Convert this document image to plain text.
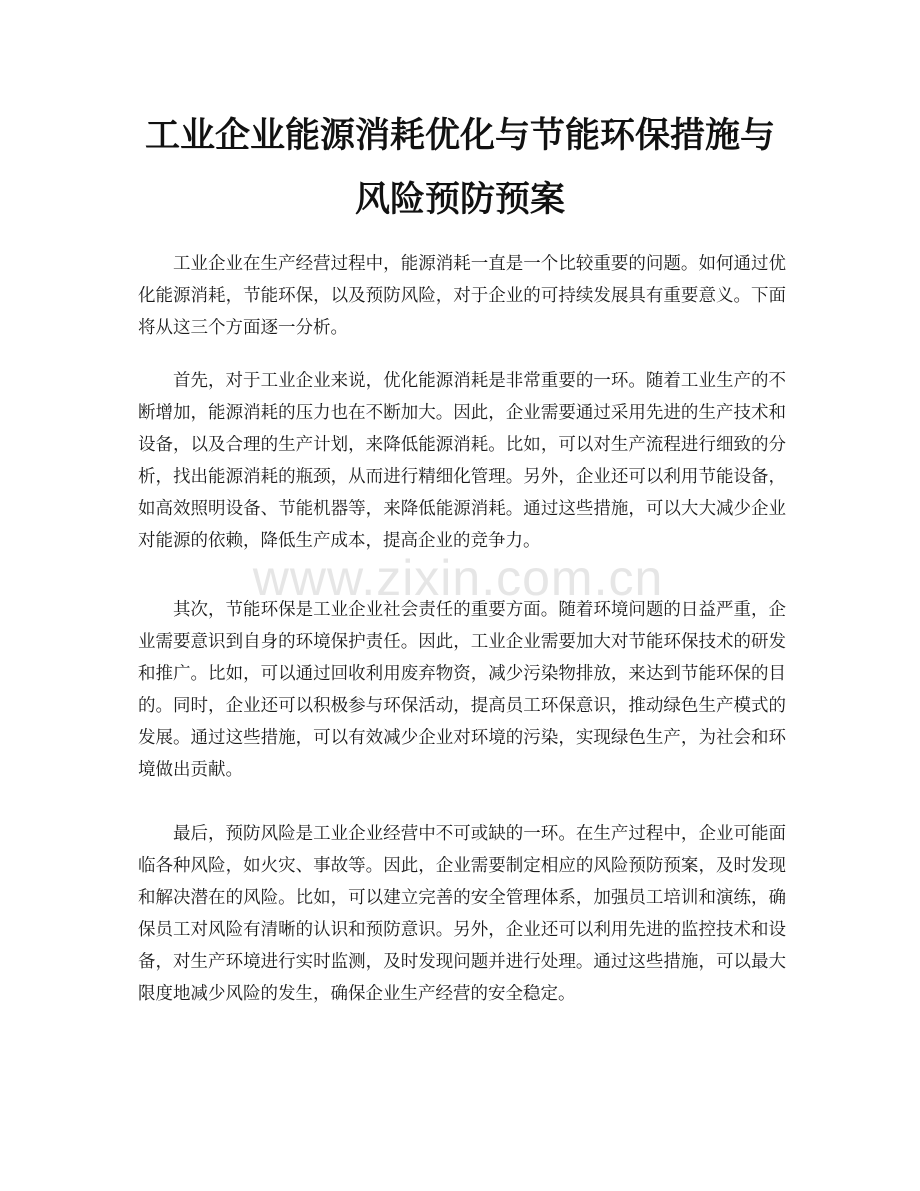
工业企业能源消耗优化与节能环保措施与风险预防预案

工业企业在生产经营过程中，能源消耗一直是一个比较重要的问题。如何通过优化能源消耗，节能环保，以及预防风险，对于企业的可持续发展具有重要意义。下面将从这三个方面逐一分析。

首先，对于工业企业来说，优化能源消耗是非常重要的一环。随着工业生产的不断增加，能源消耗的压力也在不断加大。因此，企业需要通过采用先进的生产技术和设备，以及合理的生产计划，来降低能源消耗。比如，可以对生产流程进行细致的分析，找出能源消耗的瓶颈，从而进行精细化管理。另外，企业还可以利用节能设备，如高效照明设备、节能机器等，来降低能源消耗。通过这些措施，可以大大减少企业对能源的依赖，降低生产成本，提高企业的竞争力。

其次，节能环保是工业企业社会责任的重要方面。随着环境问题的日益严重，企业需要意识到自身的环境保护责任。因此，工业企业需要加大对节能环保技术的研发和推广。比如，可以通过回收利用废弃物资，减少污染物排放，来达到节能环保的目的。同时，企业还可以积极参与环保活动，提高员工环保意识，推动绿色生产模式的发展。通过这些措施，可以有效减少企业对环境的污染，实现绿色生产，为社会和环境做出贡献。

最后，预防风险是工业企业经营中不可或缺的一环。在生产过程中，企业可能面临各种风险，如火灾、事故等。因此，企业需要制定相应的风险预防预案，及时发现和解决潜在的风险。比如，可以建立完善的安全管理体系，加强员工培训和演练，确保员工对风险有清晰的认识和预防意识。另外，企业还可以利用先进的监控技术和设备，对生产环境进行实时监测，及时发现问题并进行处理。通过这些措施，可以最大限度地减少风险的发生，确保企业生产经营的安全稳定。

www.zixin.com.cn
